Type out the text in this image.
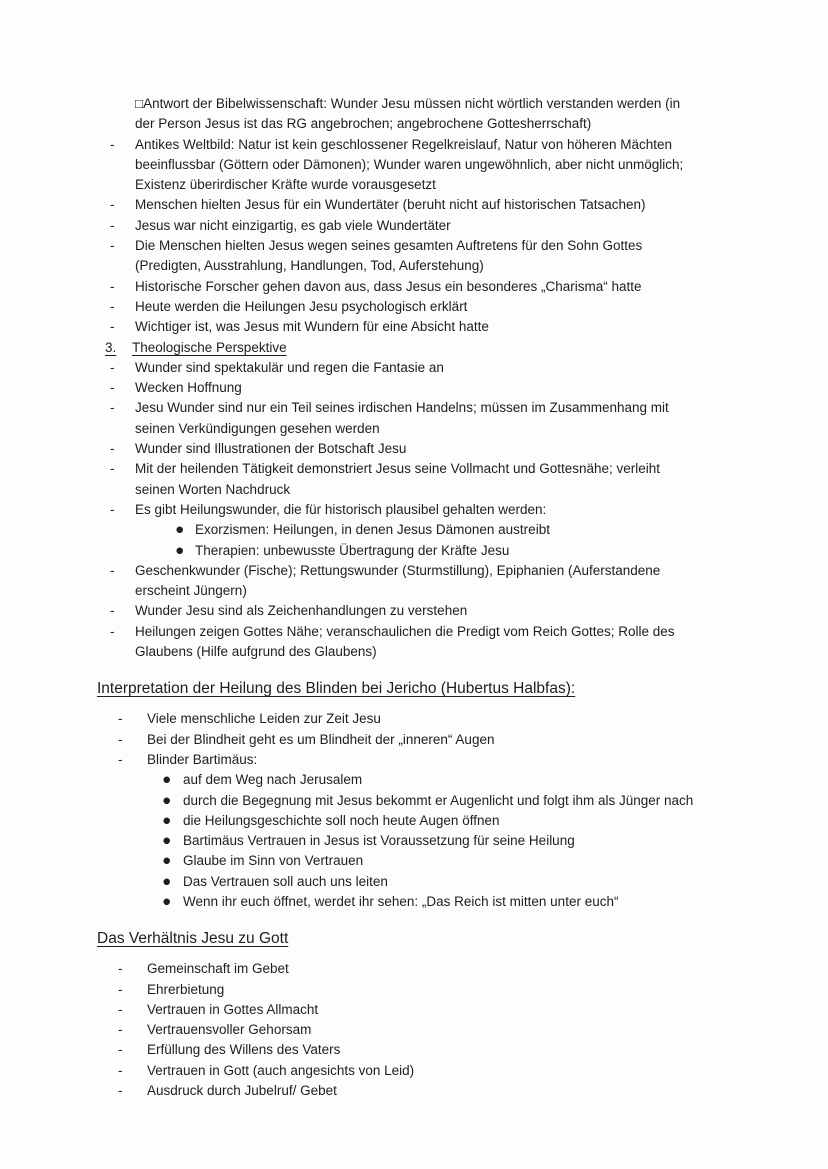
□Antwort der Bibelwissenschaft: Wunder Jesu müssen nicht wörtlich verstanden werden (in
der Person Jesus ist das RG angebrochen; angebrochene Gottesherrschaft)
- Antikes Weltbild: Natur ist kein geschlossener Regelkreislauf, Natur von höheren Mächten
beeinflussbar (Göttern oder Dämonen); Wunder waren ungewöhnlich, aber nicht unmöglich;
Existenz überirdischer Kräfte wurde vorausgesetzt
- Menschen hielten Jesus für ein Wundertäter (beruht nicht auf historischen Tatsachen)
- Jesus war nicht einzigartig, es gab viele Wundertäter
- Die Menschen hielten Jesus wegen seines gesamten Auftretens für den Sohn Gottes
(Predigten, Ausstrahlung, Handlungen, Tod, Auferstehung)
- Historische Forscher gehen davon aus, dass Jesus ein besonderes „Charisma“ hatte
- Heute werden die Heilungen Jesu psychologisch erklärt
- Wichtiger ist, was Jesus mit Wundern für eine Absicht hatte
3. Theologische Perspektive
- Wunder sind spektakulär und regen die Fantasie an
- Wecken Hoffnung
- Jesu Wunder sind nur ein Teil seines irdischen Handelns; müssen im Zusammenhang mit
seinen Verkündigungen gesehen werden
- Wunder sind Illustrationen der Botschaft Jesu
- Mit der heilenden Tätigkeit demonstriert Jesus seine Vollmacht und Gottesnähe; verleiht
seinen Worten Nachdruck
- Es gibt Heilungswunder, die für historisch plausibel gehalten werden:
● Exorzismen: Heilungen, in denen Jesus Dämonen austreibt
● Therapien: unbewusste Übertragung der Kräfte Jesu
- Geschenkwunder (Fische); Rettungswunder (Sturmstillung), Epiphanien (Auferstandene
erscheint Jüngern)
- Wunder Jesu sind als Zeichenhandlungen zu verstehen
- Heilungen zeigen Gottes Nähe; veranschaulichen die Predigt vom Reich Gottes; Rolle des
Glaubens (Hilfe aufgrund des Glaubens)
Interpretation der Heilung des Blinden bei Jericho (Hubertus Halbfas):
- Viele menschliche Leiden zur Zeit Jesu
- Bei der Blindheit geht es um Blindheit der „inneren“ Augen
- Blinder Bartimäus:
● auf dem Weg nach Jerusalem
● durch die Begegnung mit Jesus bekommt er Augenlicht und folgt ihm als Jünger nach
● die Heilungsgeschichte soll noch heute Augen öffnen
● Bartimäus Vertrauen in Jesus ist Voraussetzung für seine Heilung
● Glaube im Sinn von Vertrauen
● Das Vertrauen soll auch uns leiten
● Wenn ihr euch öffnet, werdet ihr sehen: „Das Reich ist mitten unter euch“
Das Verhältnis Jesu zu Gott
- Gemeinschaft im Gebet
- Ehrerbietung
- Vertrauen in Gottes Allmacht
- Vertrauensvoller Gehorsam
- Erfüllung des Willens des Vaters
- Vertrauen in Gott (auch angesichts von Leid)
- Ausdruck durch Jubelruf/ Gebet
